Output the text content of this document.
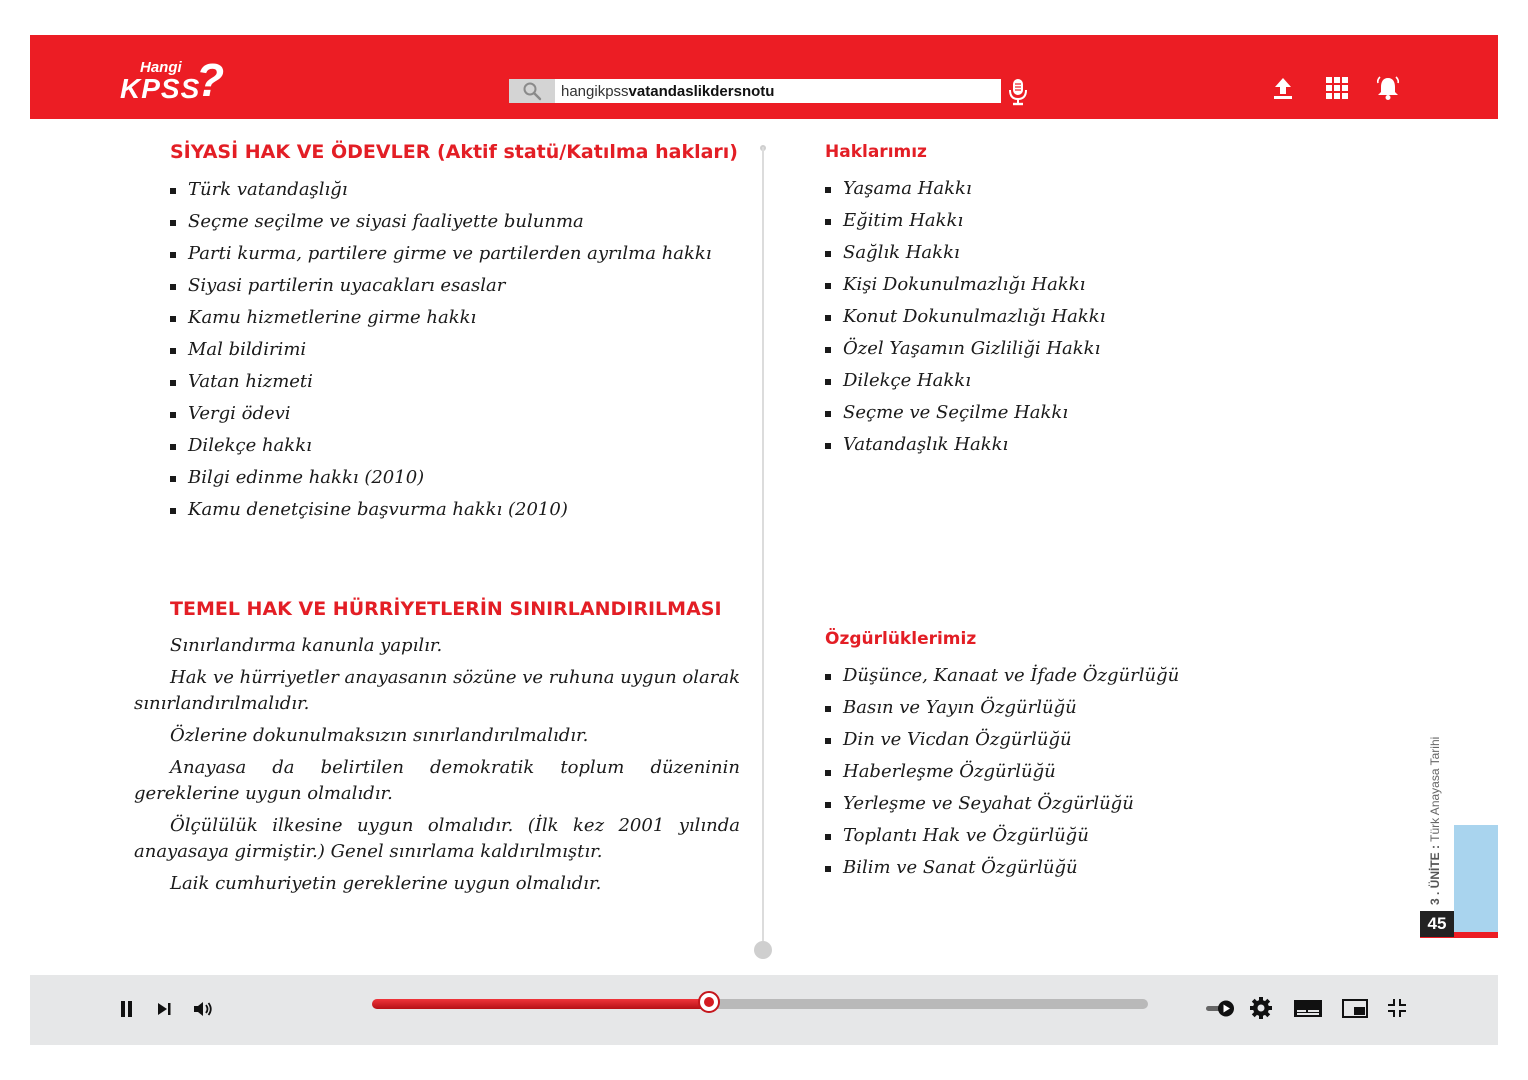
Hangi
KPSS
?	hangikpssvatandaslikdersnotu
SİYASİ HAK VE ÖDEVLER (Aktif statü/Katılma hakları)
Türk vatandaşlığı
Seçme seçilme ve siyasi faaliyette bulunma
Parti kurma, partilere girme ve partilerden ayrılma hakkı
Siyasi partilerin uyacakları esaslar
Kamu hizmetlerine girme hakkı
Mal bildirimi
Vatan hizmeti
Vergi ödevi
Dilekçe hakkı
Bilgi edinme hakkı (2010)
Kamu denetçisine başvurma hakkı (2010)
TEMEL HAK VE HÜRRİYETLERİN SINIRLANDIRILMASI

Sınırlandırma kanunla yapılır.

Hak ve hürriyetler anayasanın sözüne ve ruhuna uygun olarak sınırlandırılmalıdır.

Özlerine dokunulmaksızın sınırlandırılmalıdır.

Anayasa da belirtilen demokratik toplum düzeninin gereklerine uygun olmalıdır.

Ölçülülük ilkesine uygun olmalıdır. (İlk kez 2001 yılında anayasaya girmiştir.) Genel sınırlama kaldırılmıştır.

Laik cumhuriyetin gereklerine uygun olmalıdır.

Haklarımız
Yaşama Hakkı
Eğitim Hakkı
Sağlık Hakkı
Kişi Dokunulmazlığı Hakkı
Konut Dokunulmazlığı Hakkı
Özel Yaşamın Gizliliği Hakkı
Dilekçe Hakkı
Seçme ve Seçilme Hakkı
Vatandaşlık Hakkı
Özgürlüklerimiz
Düşünce, Kanaat ve İfade Özgürlüğü
Basın ve Yayın Özgürlüğü
Din ve Vicdan Özgürlüğü
Haberleşme Özgürlüğü
Yerleşme ve Seyahat Özgürlüğü
Toplantı Hak ve Özgürlüğü
Bilim ve Sanat Özgürlüğü	3 . ÜNİTE : Türk Anayasa Tarihi
45
